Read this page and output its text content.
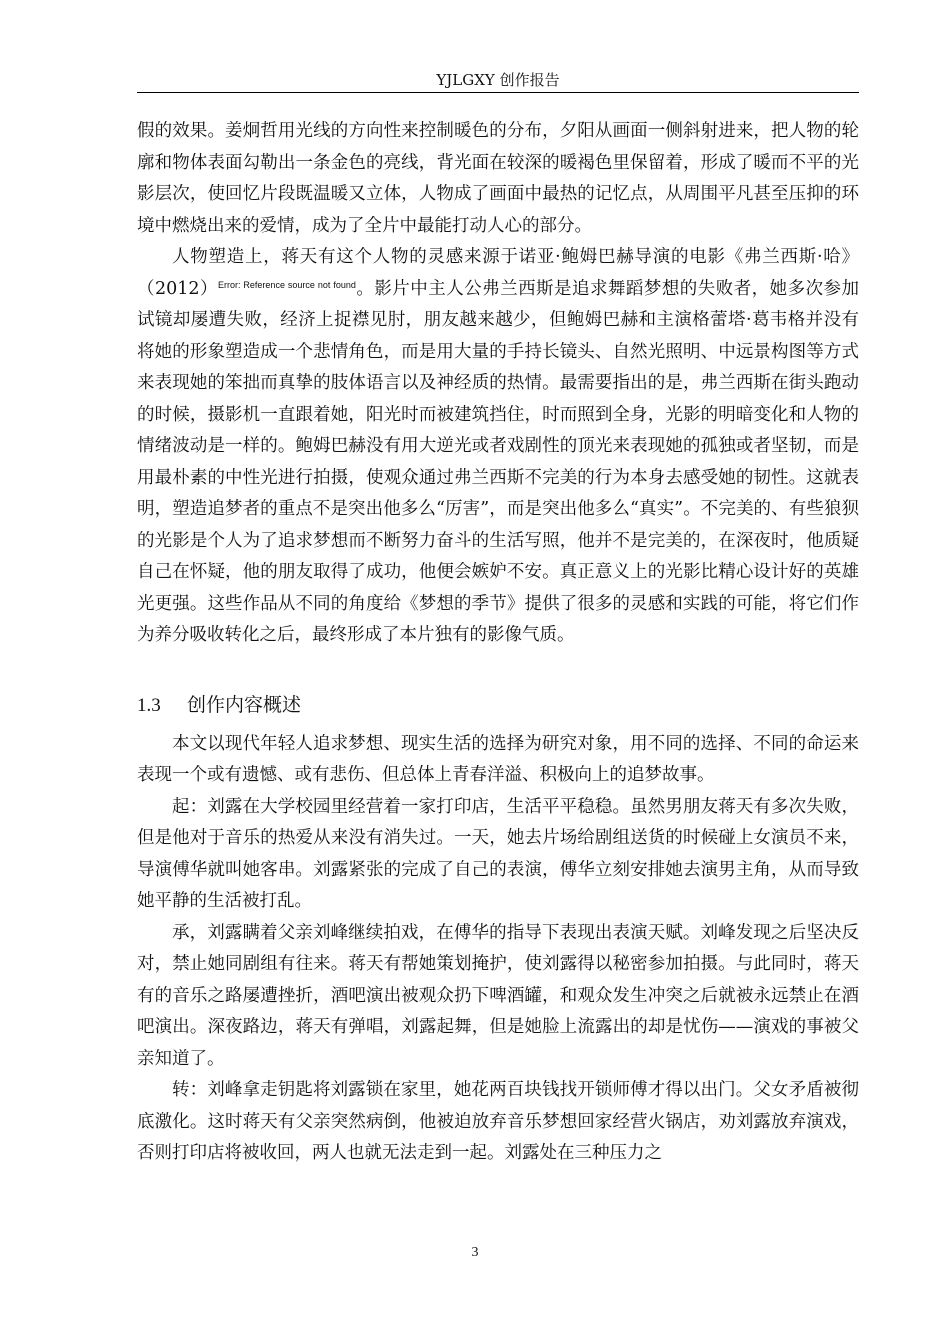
YJLGXY 创作报告

假的效果。姜炯哲用光线的方向性来控制暖色的分布，夕阳从画面一侧斜射进来，把人物的轮廓和物体表面勾勒出一条金色的亮线，背光面在较深的暖褐色里保留着，形成了暖而不平的光影层次，使回忆片段既温暖又立体，人物成了画面中最热的记忆点，从周围平凡甚至压抑的环境中燃烧出来的爱情，成为了全片中最能打动人心的部分。

人物塑造上，蒋天有这个人物的灵感来源于诺亚·鲍姆巴赫导演的电影《弗兰西斯·哈》（2012）$^{Error: Reference source not found}$。影片中主人公弗兰西斯是追求舞蹈梦想的失败者，她多次参加试镜却屡遭失败，经济上捉襟见肘，朋友越来越少，但鲍姆巴赫和主演格蕾塔·葛韦格并没有将她的形象塑造成一个悲情角色，而是用大量的手持长镜头、自然光照明、中远景构图等方式来表现她的笨拙而真挚的肢体语言以及神经质的热情。最需要指出的是，弗兰西斯在街头跑动的时候，摄影机一直跟着她，阳光时而被建筑挡住，时而照到全身，光影的明暗变化和人物的情绪波动是一样的。鲍姆巴赫没有用大逆光或者戏剧性的顶光来表现她的孤独或者坚韧，而是用最朴素的中性光进行拍摄，使观众通过弗兰西斯不完美的行为本身去感受她的韧性。这就表明，塑造追梦者的重点不是突出他多么“厉害”，而是突出他多么“真实”。不完美的、有些狼狈的光影是个人为了追求梦想而不断努力奋斗的生活写照，他并不是完美的，在深夜时，他质疑自己在怀疑，他的朋友取得了成功，他便会嫉妒不安。真正意义上的光影比精心设计好的英雄光更强。这些作品从不同的角度给《梦想的季节》提供了很多的灵感和实践的可能，将它们作为养分吸收转化之后，最终形成了本片独有的影像气质。

1.3 创作内容概述

本文以现代年轻人追求梦想、现实生活的选择为研究对象，用不同的选择、不同的命运来表现一个或有遗憾、或有悲伤、但总体上青春洋溢、积极向上的追梦故事。

起：刘露在大学校园里经营着一家打印店，生活平平稳稳。虽然男朋友蒋天有多次失败，但是他对于音乐的热爱从来没有消失过。一天，她去片场给剧组送货的时候碰上女演员不来，导演傅华就叫她客串。刘露紧张的完成了自己的表演，傅华立刻安排她去演男主角，从而导致她平静的生活被打乱。

承，刘露瞒着父亲刘峰继续拍戏，在傅华的指导下表现出表演天赋。刘峰发现之后坚决反对，禁止她同剧组有往来。蒋天有帮她策划掩护，使刘露得以秘密参加拍摄。与此同时，蒋天有的音乐之路屡遭挫折，酒吧演出被观众扔下啤酒罐，和观众发生冲突之后就被永远禁止在酒吧演出。深夜路边，蒋天有弹唱，刘露起舞，但是她脸上流露出的却是忧伤——演戏的事被父亲知道了。

转：刘峰拿走钥匙将刘露锁在家里，她花两百块钱找开锁师傅才得以出门。父女矛盾被彻底激化。这时蒋天有父亲突然病倒，他被迫放弃音乐梦想回家经营火锅店，劝刘露放弃演戏，否则打印店将被收回，两人也就无法走到一起。刘露处在三种压力之

3
